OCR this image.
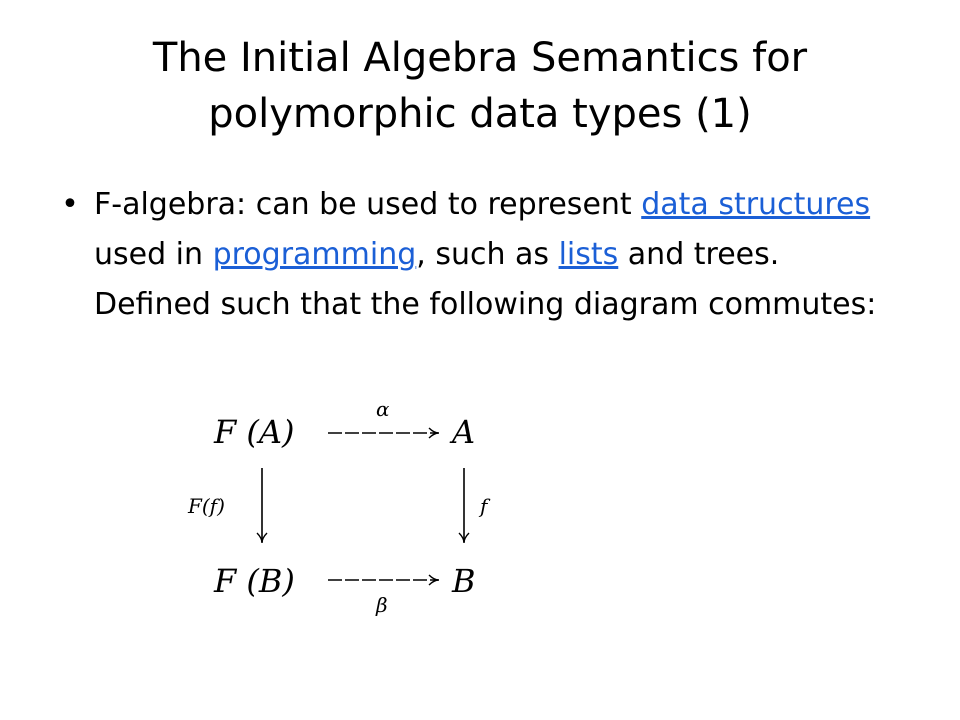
The Initial Algebra Semantics for
polymorphic data types (1)
• F-algebra: can be used to represent data structures used in programming, such as lists and trees. Defined such that the following diagram commutes:
F (A)	A
F (B)	B
α
β
F(f)	f
